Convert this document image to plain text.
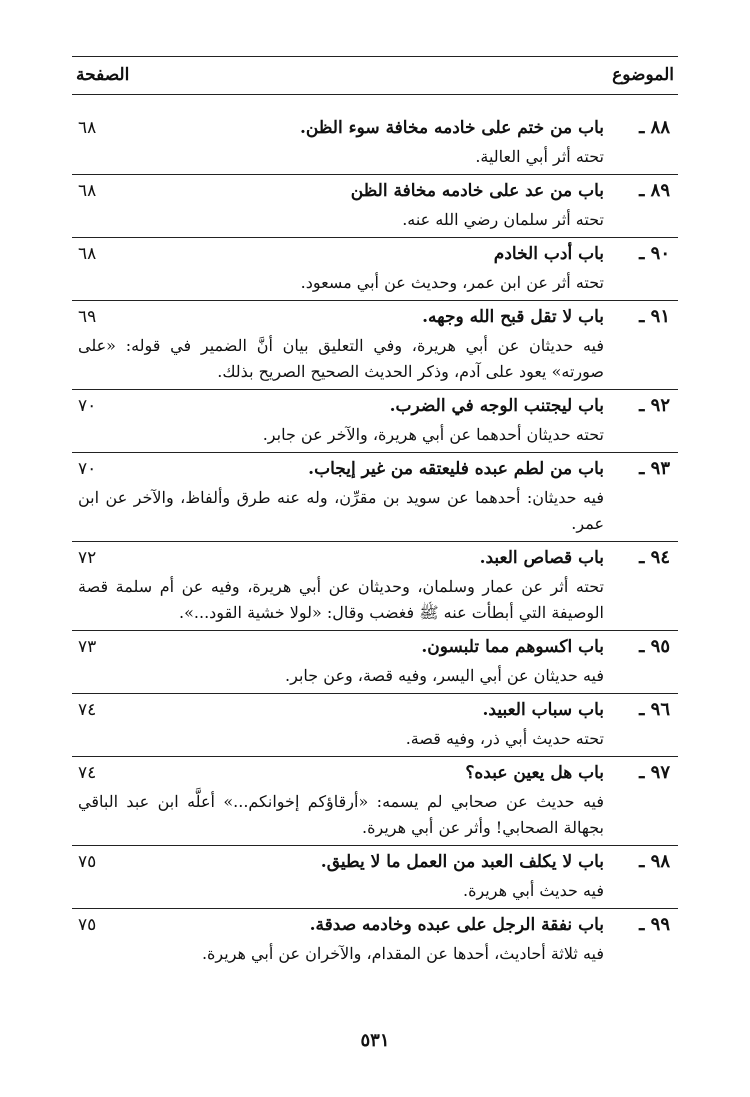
الموضوع
الصفحة
٨٨ ـ
باب من ختم على خادمه مخافة سوء الظن.
٦٨
تحته أثر أبي العالية.
٨٩ ـ
باب من عد على خادمه مخافة الظن
٦٨
تحته أثر سلمان رضي الله عنه.
٩٠ ـ
باب أدب الخادم
٦٨
تحته أثر عن ابن عمر، وحديث عن أبي مسعود.
٩١ ـ
باب لا تقل قبح الله وجهه.
٦٩
فيه حديثان عن أبي هريرة، وفي التعليق بيان أنَّ الضمير في قوله: «على صورته» يعود على آدم، وذكر الحديث الصحيح الصريح بذلك.
٩٢ ـ
باب ليجتنب الوجه في الضرب.
٧٠
تحته حديثان أحدهما عن أبي هريرة، والآخر عن جابر.
٩٣ ـ
باب من لطم عبده فليعتقه من غير إيجاب.
٧٠
فيه حديثان: أحدهما عن سويد بن مقرِّن، وله عنه طرق وألفاظ، والآخر عن ابن عمر.
٩٤ ـ
باب قصاص العبد.
٧٢
تحته أثر عن عمار وسلمان، وحديثان عن أبي هريرة، وفيه عن أم سلمة قصة الوصيفة التي أبطأت عنه ﷺ فغضب وقال: «لولا خشية القود...».
٩٥ ـ
باب اكسوهم مما تلبسون.
٧٣
فيه حديثان عن أبي اليسر، وفيه قصة، وعن جابر.
٩٦ ـ
باب سباب العبيد.
٧٤
تحته حديث أبي ذر، وفيه قصة.
٩٧ ـ
باب هل يعين عبده؟
٧٤
فيه حديث عن صحابي لم يسمه: «أرقاؤكم إخوانكم...» أعلَّه ابن عبد الباقي بجهالة الصحابي! وأثر عن أبي هريرة.
٩٨ ـ
باب لا يكلف العبد من العمل ما لا يطيق.
٧٥
فيه حديث أبي هريرة.
٩٩ ـ
باب نفقة الرجل على عبده وخادمه صدقة.
٧٥
فيه ثلاثة أحاديث، أحدها عن المقدام، والآخران عن أبي هريرة.
٥٣١
